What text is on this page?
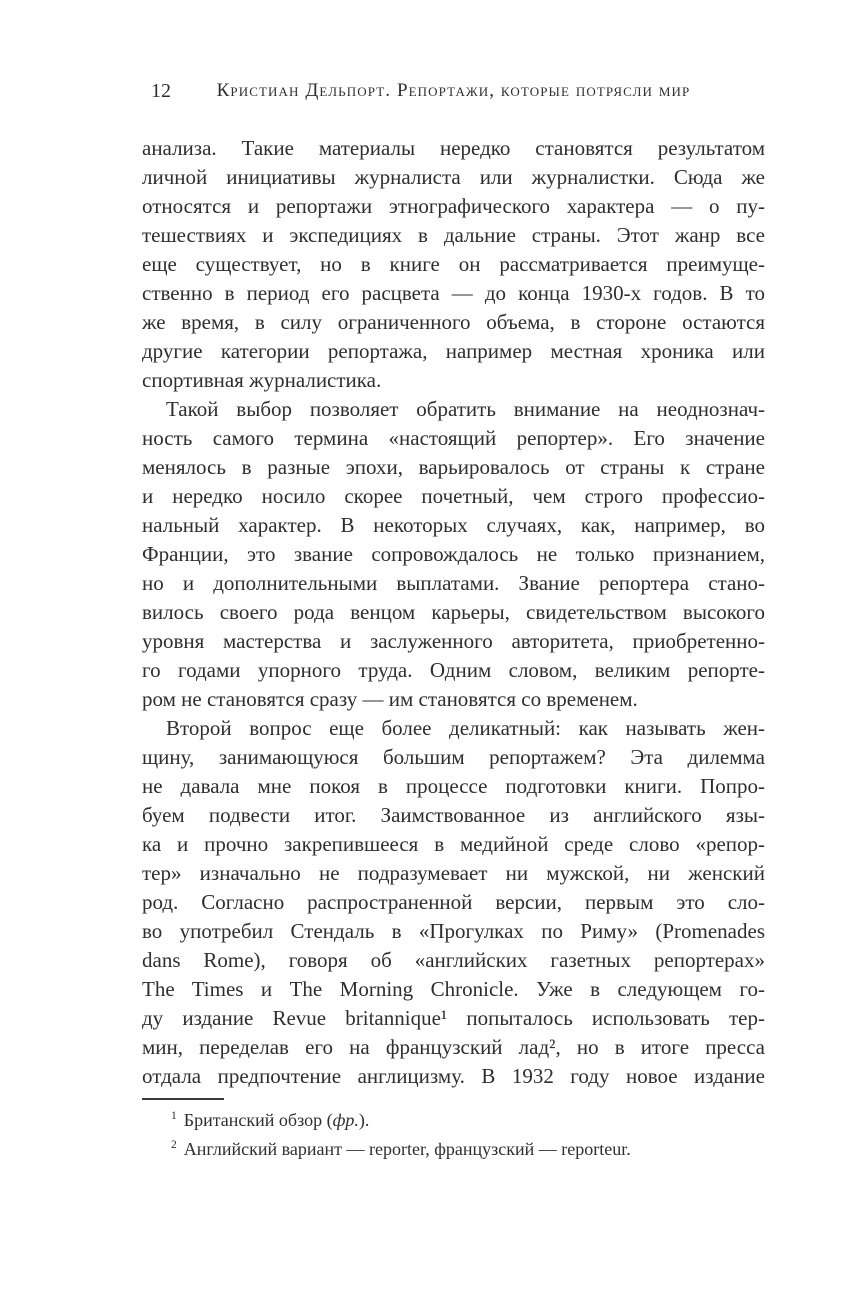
12 Кристиан Дельпорт. Репортажи, которые потрясли мир
анализа. Такие материалы нередко становятся результатом
личной инициативы журналиста или журналистки. Сюда же
относятся и репортажи этнографического характера — о пу-
тешествиях и экспедициях в дальние страны. Этот жанр все
еще существует, но в книге он рассматривается преимуще-
ственно в период его расцвета — до конца 1930-х годов. В то
же время, в силу ограниченного объема, в стороне остаются
другие категории репортажа, например местная хроника или
спортивная журналистика.
Такой выбор позволяет обратить внимание на неоднознач-
ность самого термина «настоящий репортер». Его значение
менялось в разные эпохи, варьировалось от страны к стране
и нередко носило скорее почетный, чем строго профессио-
нальный характер. В некоторых случаях, как, например, во
Франции, это звание сопровождалось не только признанием,
но и дополнительными выплатами. Звание репортера стано-
вилось своего рода венцом карьеры, свидетельством высокого
уровня мастерства и заслуженного авторитета, приобретенно-
го годами упорного труда. Одним словом, великим репорте-
ром не становятся сразу — им становятся со временем.
Второй вопрос еще более деликатный: как называть жен-
щину, занимающуюся большим репортажем? Эта дилемма
не давала мне покоя в процессе подготовки книги. Попро-
буем подвести итог. Заимствованное из английского язы-
ка и прочно закрепившееся в медийной среде слово «репор-
тер» изначально не подразумевает ни мужской, ни женский
род. Согласно распространенной версии, первым это сло-
во употребил Стендаль в «Прогулках по Риму» (Promenades
dans Rome), говоря об «английских газетных репортерах»
The Times и The Morning Chronicle. Уже в следующем го-
ду издание Revue britannique¹ попыталось использовать тер-
мин, переделав его на французский лад², но в итоге пресса
отдала предпочтение англицизму. В 1932 году новое издание
$^1$ Британский обзор (фр.).
$^2$ Английский вариант — reporter, французский — reporteur.
